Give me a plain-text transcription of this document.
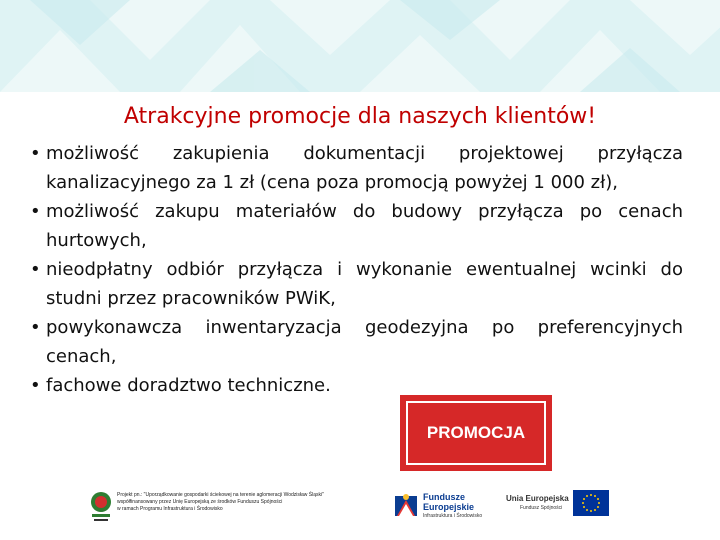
Atrakcyjne promocje dla naszych klientów!
• możliwość zakupienia dokumentacji projektowej przyłącza kanalizacyjnego za 1 zł (cena poza promocją powyżej 1 000 zł),
• możliwość zakupu materiałów do budowy przyłącza po cenach hurtowych,
• nieodpłatny odbiór przyłącza i wykonanie ewentualnej wcinki do studni przez pracowników PWiK,
• powykonawcza inwentaryzacja geodezyjna po preferencyjnych cenach,
• fachowe doradztwo techniczne.
PROMOCJA
Projekt pn.: "Uporządkowanie gospodarki ściekowej na terenie aglomeracji Wodzisław Śląski"
współfinansowany przez Unię Europejską ze środków Funduszu Spójności
w ramach Programu Infrastruktura i Środowisko
Fundusze
Europejskie
Infrastruktura i Środowisko
Unia Europejska
Fundusz Spójności
